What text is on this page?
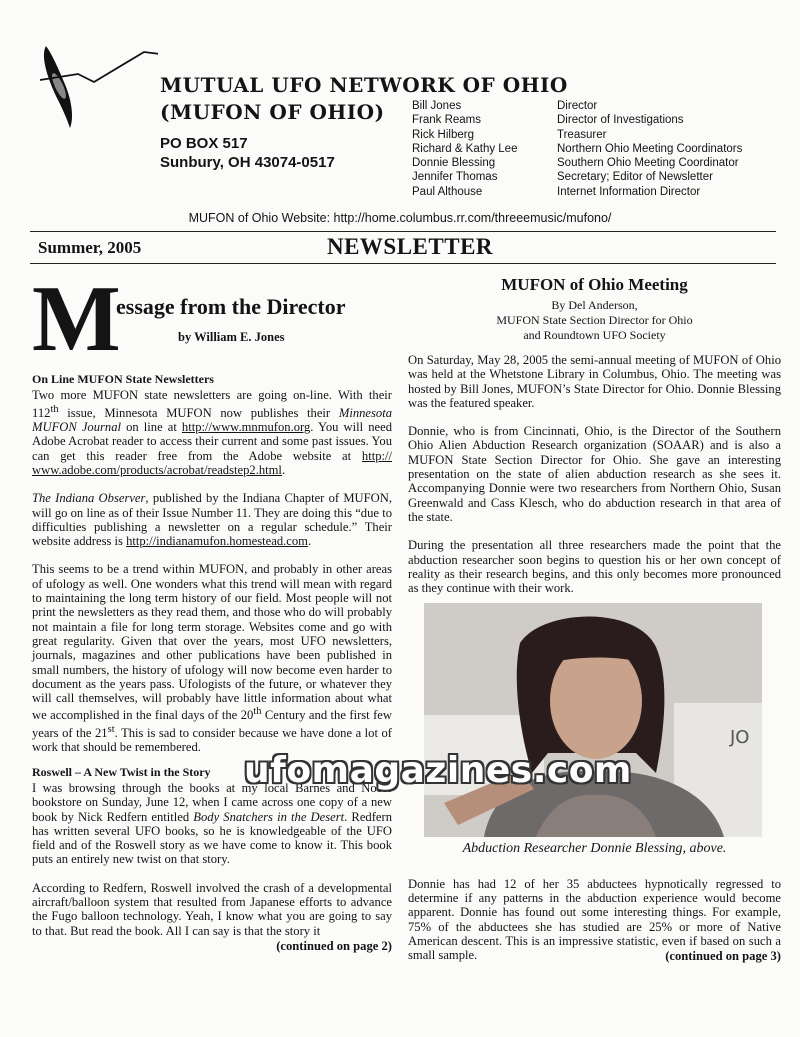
MUTUAL UFO NETWORK OF OHIO
(MUFON OF OHIO)
PO BOX 517
Sunbury, OH 43074-0517
Bill Jones	Director
Frank Reams	Director of Investigations
Rick Hilberg	Treasurer
Richard & Kathy Lee	Northern Ohio Meeting Coordinators
Donnie Blessing	Southern Ohio Meeting Coordinator
Jennifer Thomas	Secretary; Editor of Newsletter
Paul Althouse	Internet Information Director
MUFON of Ohio Website: http://home.columbus.rr.com/threeemusic/mufono/
Summer, 2005	NEWSLETTER
M
essage from the Director
by William E. Jones

On Line MUFON State Newsletters

Two more MUFON state newsletters are going on-line. With their 112th issue, Minnesota MUFON now publishes their Minnesota MUFON Journal on line at http://www.mnmufon.org. You will need Adobe Acrobat reader to access their current and some past issues. You can get this reader free from the Adobe website at http:// www.adobe.com/products/acrobat/readstep2.html.

The Indiana Observer, published by the Indiana Chapter of MUFON, will go on line as of their Issue Number 11. They are doing this “due to difficulties publishing a newsletter on a regular schedule.” Their website address is http://indianamufon.homestead.com.

This seems to be a trend within MUFON, and probably in other areas of ufology as well. One wonders what this trend will mean with regard to maintaining the long term history of our field. Most people will not print the newsletters as they read them, and those who do will probably not maintain a file for long term storage. Websites come and go with great regularity. Given that over the years, most UFO newsletters, journals, magazines and other publications have been published in small numbers, the history of ufology will now become even harder to document as the years pass. Ufologists of the future, or whatever they will call themselves, will probably have little information about what we accomplished in the final days of the 20th Century and the first few years of the 21st. This is sad to consider because we have done a lot of work that should be remembered.

Roswell – A New Twist in the Story

I was browsing through the books at my local Barnes and Noble bookstore on Sunday, June 12, when I came across one copy of a new book by Nick Redfern entitled Body Snatchers in the Desert. Redfern has written several UFO books, so he is knowledgeable of the UFO field and of the Roswell story as we have come to know it. This book puts an entirely new twist on that story.

According to Redfern, Roswell involved the crash of a developmental aircraft/balloon system that resulted from Japanese efforts to advance the Fugo balloon technology. Yeah, I know what you are going to say to that. But read the book. All I can say is that the story it

(continued on page 2)

MUFON of Ohio Meeting

By Del Anderson,
MUFON State Section Director for Ohio
and Roundtown UFO Society

On Saturday, May 28, 2005 the semi-annual meeting of MUFON of Ohio was held at the Whetstone Library in Columbus, Ohio. The meeting was hosted by Bill Jones, MUFON’s State Director for Ohio. Donnie Blessing was the featured speaker.

Donnie, who is from Cincinnati, Ohio, is the Director of the Southern Ohio Alien Abduction Research organization (SOAAR) and is also a MUFON State Section Director for Ohio. She gave an interesting presentation on the state of alien abduction research as she sees it. Accompanying Donnie were two researchers from Northern Ohio, Susan Greenwald and Cass Klesch, who do abduction research in that area of the state.

During the presentation all three researchers made the point that the abduction researcher soon begins to question his or her own concept of reality as their research begins, and this only becomes more pronounced as they continue with their work.

JO

Abduction Researcher Donnie Blessing, above.

Donnie has had 12 of her 35 abductees hypnotically regressed to determine if any patterns in the abduction experience would become apparent. Donnie has found out some interesting things. For example, 75% of the abductees she has studied are 25% or more of Native American descent. This is an impressive statistic, even if based on such a small sample.	(continued on page 3)

ufomagazines.com
